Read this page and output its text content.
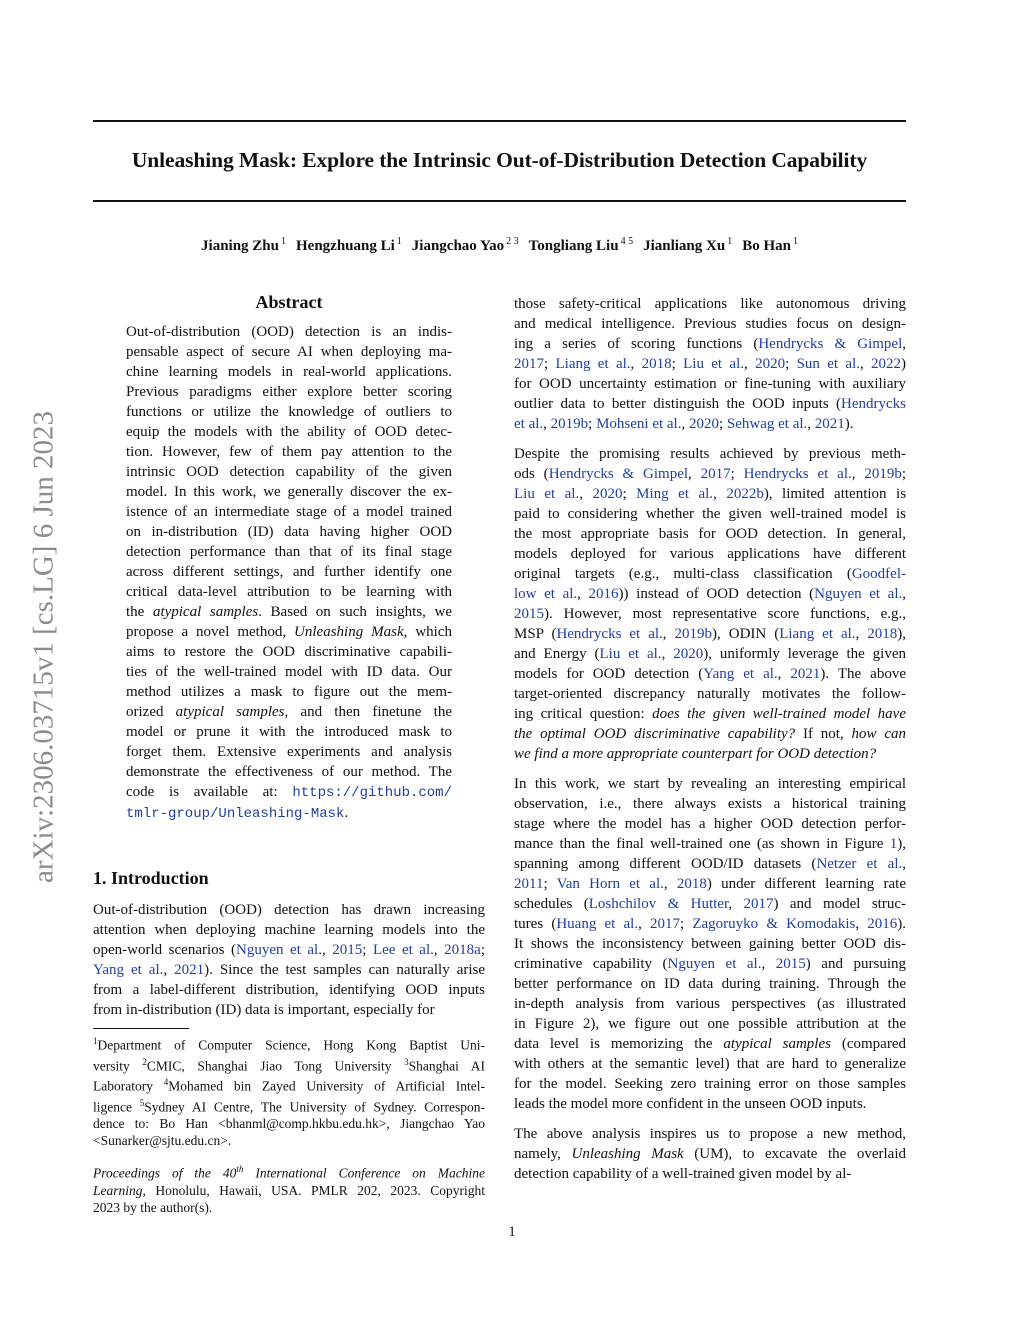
Unleashing Mask: Explore the Intrinsic Out-of-Distribution Detection Capability
Jianing Zhu $^1$ Hengzhuang Li $^1$ Jiangchao Yao $^{2 3}$ Tongliang Liu $^{4 5}$ Jianliang Xu $^1$ Bo Han $^1$
arXiv:2306.03715v1 [cs.LG] 6 Jun 2023
Abstract
Out-of-distribution (OOD) detection is an indis-
pensable aspect of secure AI when deploying ma-
chine learning models in real-world applications.
Previous paradigms either explore better scoring
functions or utilize the knowledge of outliers to
equip the models with the ability of OOD detec-
tion. However, few of them pay attention to the
intrinsic OOD detection capability of the given
model. In this work, we generally discover the ex-
istence of an intermediate stage of a model trained
on in-distribution (ID) data having higher OOD
detection performance than that of its final stage
across different settings, and further identify one
critical data-level attribution to be learning with
the atypical samples. Based on such insights, we
propose a novel method, Unleashing Mask, which
aims to restore the OOD discriminative capabili-
ties of the well-trained model with ID data. Our
method utilizes a mask to figure out the mem-
orized atypical samples, and then finetune the
model or prune it with the introduced mask to
forget them. Extensive experiments and analysis
demonstrate the effectiveness of our method. The
code is available at: https://github.com/
tmlr-group/Unleashing-Mask.
1. Introduction
Out-of-distribution (OOD) detection has drawn increasing
attention when deploying machine learning models into the
open-world scenarios (Nguyen et al., 2015; Lee et al., 2018a;
Yang et al., 2021). Since the test samples can naturally arise
from a label-different distribution, identifying OOD inputs
from in-distribution (ID) data is important, especially for
$^1$Department of Computer Science, Hong Kong Baptist Uni-
versity $^2$CMIC, Shanghai Jiao Tong University $^3$Shanghai AI
Laboratory $^4$Mohamed bin Zayed University of Artificial Intel-
ligence $^5$Sydney AI Centre, The University of Sydney. Correspon-
dence to: Bo Han <bhanml@comp.hkbu.edu.hk>, Jiangchao Yao
<Sunarker@sjtu.edu.cn>.
Proceedings of the 40th International Conference on Machine
Learning, Honolulu, Hawaii, USA. PMLR 202, 2023. Copyright
2023 by the author(s).
those safety-critical applications like autonomous driving
and medical intelligence. Previous studies focus on design-
ing a series of scoring functions (Hendrycks & Gimpel,
2017; Liang et al., 2018; Liu et al., 2020; Sun et al., 2022)
for OOD uncertainty estimation or fine-tuning with auxiliary
outlier data to better distinguish the OOD inputs (Hendrycks
et al., 2019b; Mohseni et al., 2020; Sehwag et al., 2021).
Despite the promising results achieved by previous meth-
ods (Hendrycks & Gimpel, 2017; Hendrycks et al., 2019b;
Liu et al., 2020; Ming et al., 2022b), limited attention is
paid to considering whether the given well-trained model is
the most appropriate basis for OOD detection. In general,
models deployed for various applications have different
original targets (e.g., multi-class classification (Goodfel-
low et al., 2016)) instead of OOD detection (Nguyen et al.,
2015). However, most representative score functions, e.g.,
MSP (Hendrycks et al., 2019b), ODIN (Liang et al., 2018),
and Energy (Liu et al., 2020), uniformly leverage the given
models for OOD detection (Yang et al., 2021). The above
target-oriented discrepancy naturally motivates the follow-
ing critical question: does the given well-trained model have
the optimal OOD discriminative capability? If not, how can
we find a more appropriate counterpart for OOD detection?
In this work, we start by revealing an interesting empirical
observation, i.e., there always exists a historical training
stage where the model has a higher OOD detection perfor-
mance than the final well-trained one (as shown in Figure 1),
spanning among different OOD/ID datasets (Netzer et al.,
2011; Van Horn et al., 2018) under different learning rate
schedules (Loshchilov & Hutter, 2017) and model struc-
tures (Huang et al., 2017; Zagoruyko & Komodakis, 2016).
It shows the inconsistency between gaining better OOD dis-
criminative capability (Nguyen et al., 2015) and pursuing
better performance on ID data during training. Through the
in-depth analysis from various perspectives (as illustrated
in Figure 2), we figure out one possible attribution at the
data level is memorizing the atypical samples (compared
with others at the semantic level) that are hard to generalize
for the model. Seeking zero training error on those samples
leads the model more confident in the unseen OOD inputs.
The above analysis inspires us to propose a new method,
namely, Unleashing Mask (UM), to excavate the overlaid
detection capability of a well-trained given model by al-
1
